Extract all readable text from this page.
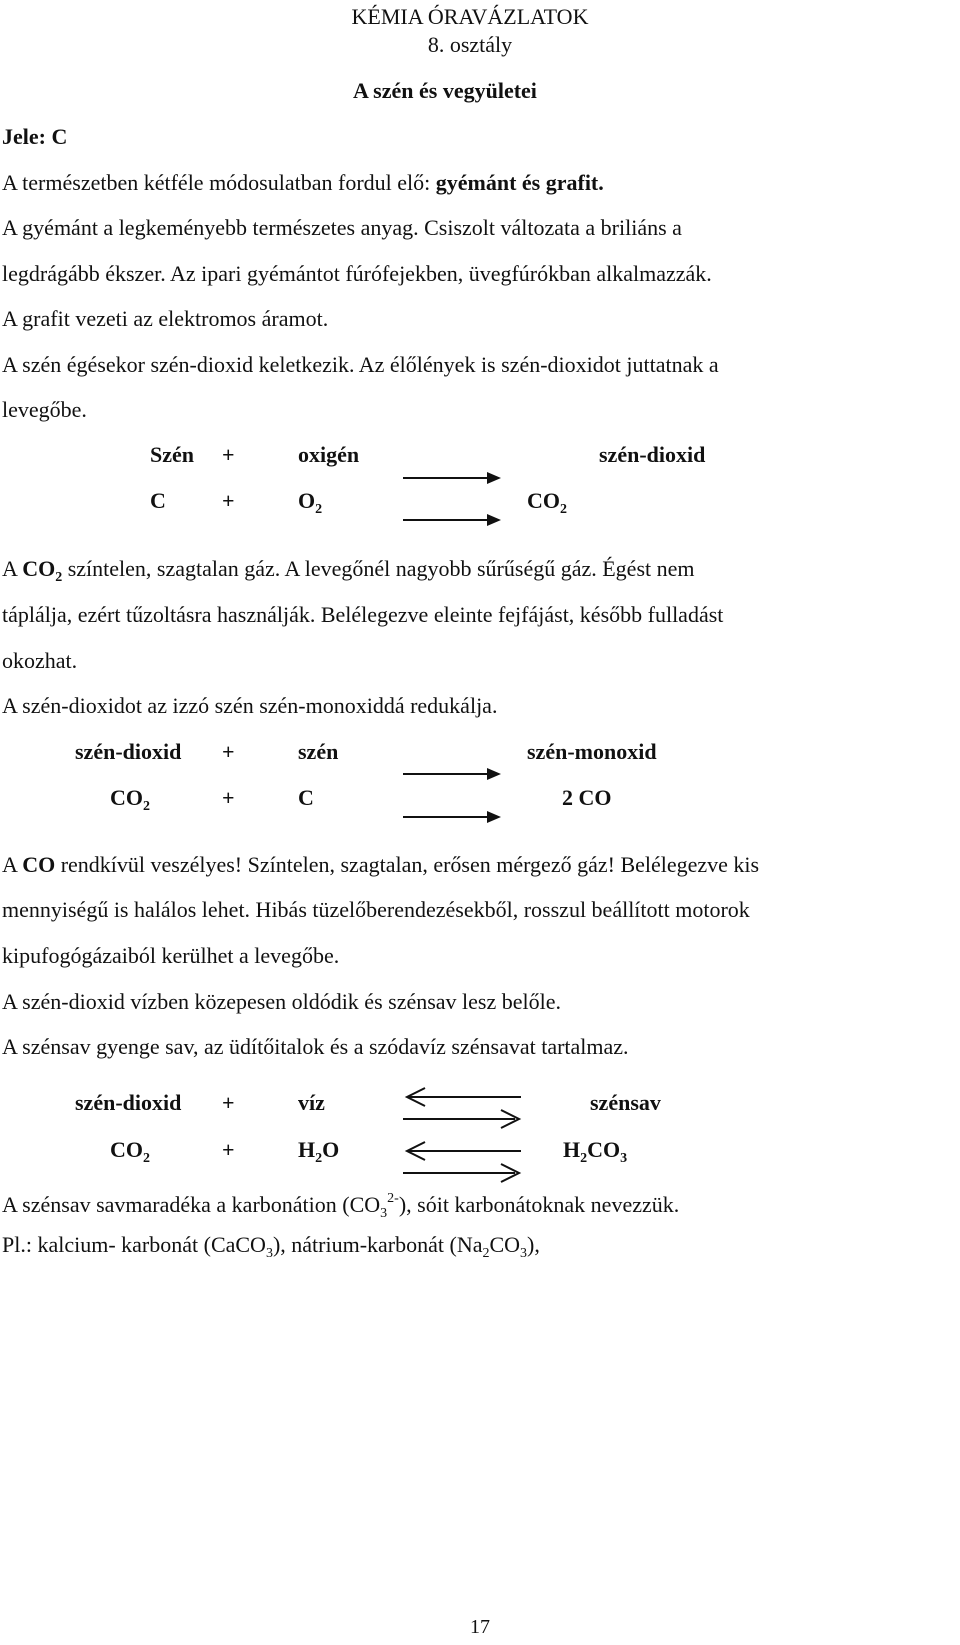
KÉMIA ÓRAVÁZLATOK
8. osztály
A szén és vegyületei
Jele: C
A természetben kétféle módosulatban fordul elő: gyémánt és grafit.
A gyémánt a legkeményebb természetes anyag. Csiszolt változata a briliáns a
legdrágább ékszer. Az ipari gyémántot fúrófejekben, üvegfúrókban alkalmazzák.
A grafit vezeti az elektromos áramot.
A szén égésekor szén-dioxid keletkezik. Az élőlények is szén-dioxidot juttatnak a
levegőbe.
Szén +	oxigén	szén-dioxid
C	+	$O_2$	$CO_2$
A $CO_2$ színtelen, szagtalan gáz. A levegőnél nagyobb sűrűségű gáz. Égést nem
táplálja, ezért tűzoltásra használják. Belélegezve eleinte fejfájást, később fulladást
okozhat.
A szén-dioxidot az izzó szén szén-monoxiddá redukálja.
szén-dioxid +	szén	szén-monoxid
$CO_2$	+	C	2 CO
A CO rendkívül veszélyes! Színtelen, szagtalan, erősen mérgező gáz! Belélegezve kis
mennyiségű is halálos lehet. Hibás tüzelőberendezésekből, rosszul beállított motorok
kipufogógázaiból kerülhet a levegőbe.
A szén-dioxid vízben közepesen oldódik és szénsav lesz belőle.
A szénsav gyenge sav, az üdítőitalok és a szódavíz szénsavat tartalmaz.
szén-dioxid +	víz	szénsav
$CO_2$	+	$H_2O$	$H_2CO_3$
A szénsav savmaradéka a karbonátion $(CO_3^{2-})$, sóit karbonátoknak nevezzük.
Pl.: kalcium- karbonát (CaCO$_3$), nátrium-karbonát $(Na_2CO_3)$,
17
